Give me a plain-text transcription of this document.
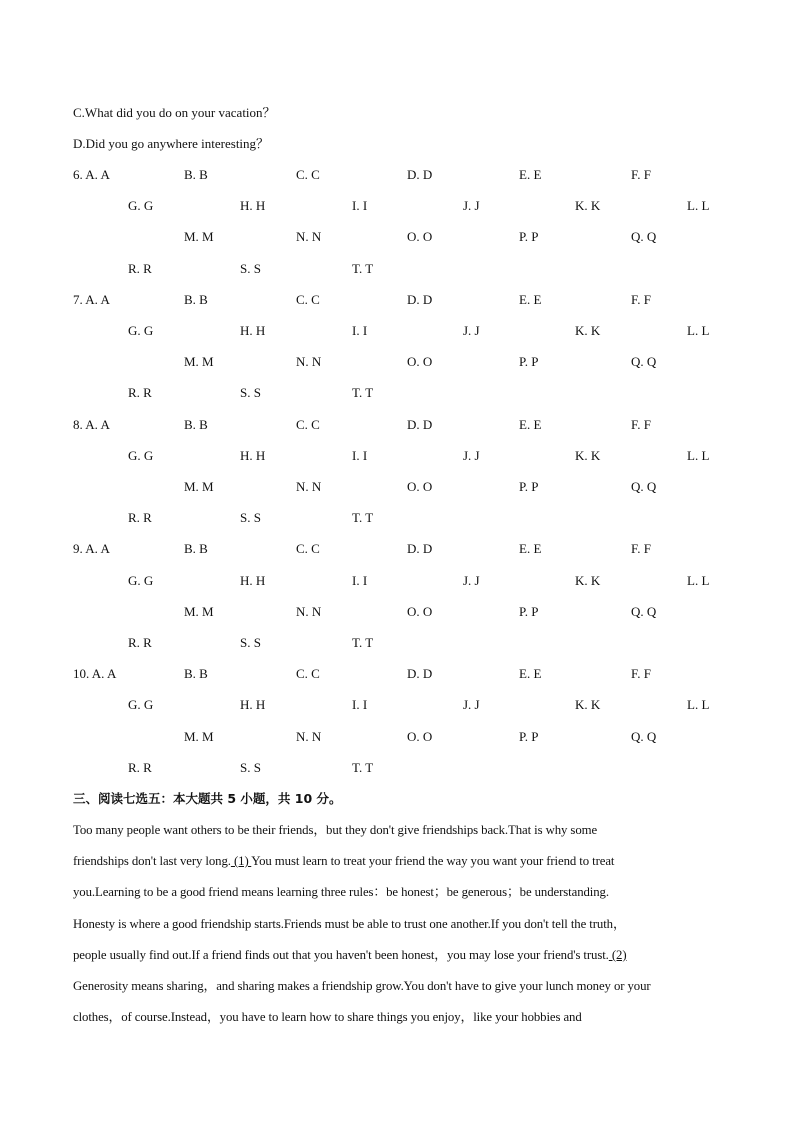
C.What did you do on your vacation？
D.Did you go anywhere interesting？
6. A. A	B. B	C. C	D. D	E. E	F. F
G. G	H. H	I. I	J. J	K. K	L. L
M. M	N. N	O. O	P. P	Q. Q
R. R	S. S	T. T
7. A. A	B. B	C. C	D. D	E. E	F. F
G. G	H. H	I. I	J. J	K. K	L. L
M. M	N. N	O. O	P. P	Q. Q
R. R	S. S	T. T
8. A. A	B. B	C. C	D. D	E. E	F. F
G. G	H. H	I. I	J. J	K. K	L. L
M. M	N. N	O. O	P. P	Q. Q
R. R	S. S	T. T
9. A. A	B. B	C. C	D. D	E. E	F. F
G. G	H. H	I. I	J. J	K. K	L. L
M. M	N. N	O. O	P. P	Q. Q
R. R	S. S	T. T
10. A. A	B. B	C. C	D. D	E. E	F. F
G. G	H. H	I. I	J. J	K. K	L. L
M. M	N. N	O. O	P. P	Q. Q
R. R	S. S	T. T
三、阅读七选五：本大题共 5 小题，共 10 分。
Too many people want others to be their friends，but they don't give friendships back.That is why some
friendships don't last very long. (1) You must learn to treat your friend the way you want your friend to treat
you.Learning to be a good friend means learning three rules：be honest；be generous；be understanding.
Honesty is where a good friendship starts.Friends must be able to trust one another.If you don't tell the truth，
people usually find out.If a friend finds out that you haven't been honest，you may lose your friend's trust. (2)
Generosity means sharing，and sharing makes a friendship grow.You don't have to give your lunch money or your
clothes，of course.Instead，you have to learn how to share things you enjoy，like your hobbies and
